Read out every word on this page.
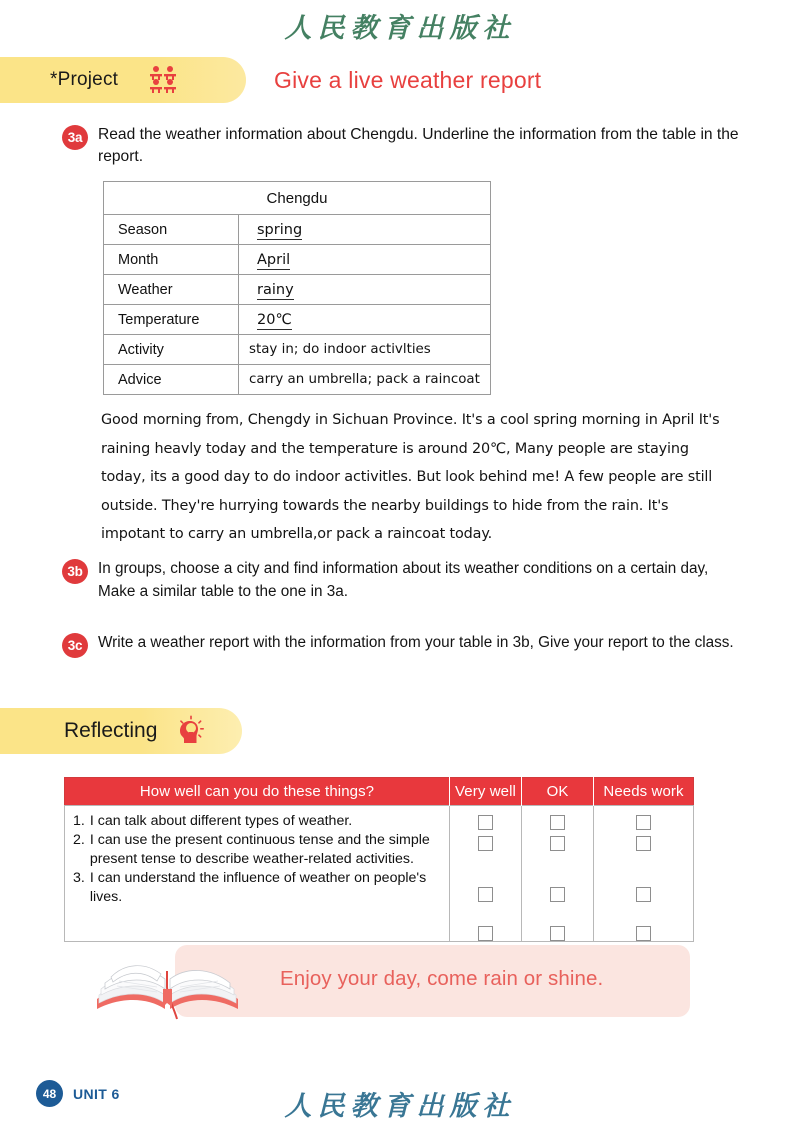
人民教育出版社
*Project	Give a live weather report
3a	Read the weather information about Chengdu. Underline the information from the table in the report.
Chengdu	
Season	spring
Month	April
Weather	rainy
Temperature	20℃
Activity	stay in; do indoor activlties
Advice	carry an umbrella; pack a raincoat
Good morning from, Chengdy in Sichuan Province. It's a cool spring morning in April It's raining heavly today and the temperature is around 20℃, Many people are staying today, its a good day to do indoor activitles. But look behind me! A few people are still outside. They're hurrying towards the nearby buildings to hide from the rain. It's impotant to carry an umbrella,or pack a raincoat today.
3b	In groups, choose a city and find information about its weather conditions on a certain day, Make a similar table to the one in 3a.
3c	Write a weather report with the information from your table in 3b, Give your report to the class.
Reflecting
How well can you do these things?	Very well	OK	Needs work

1. I can talk about different types of weather.
2. I can use the present continuous tense and the simple present tense to describe weather-related activities.
3. I can understand the influence of weather on people's lives.

Enjoy your day, come rain or shine.
48	UNIT 6	人民教育出版社
